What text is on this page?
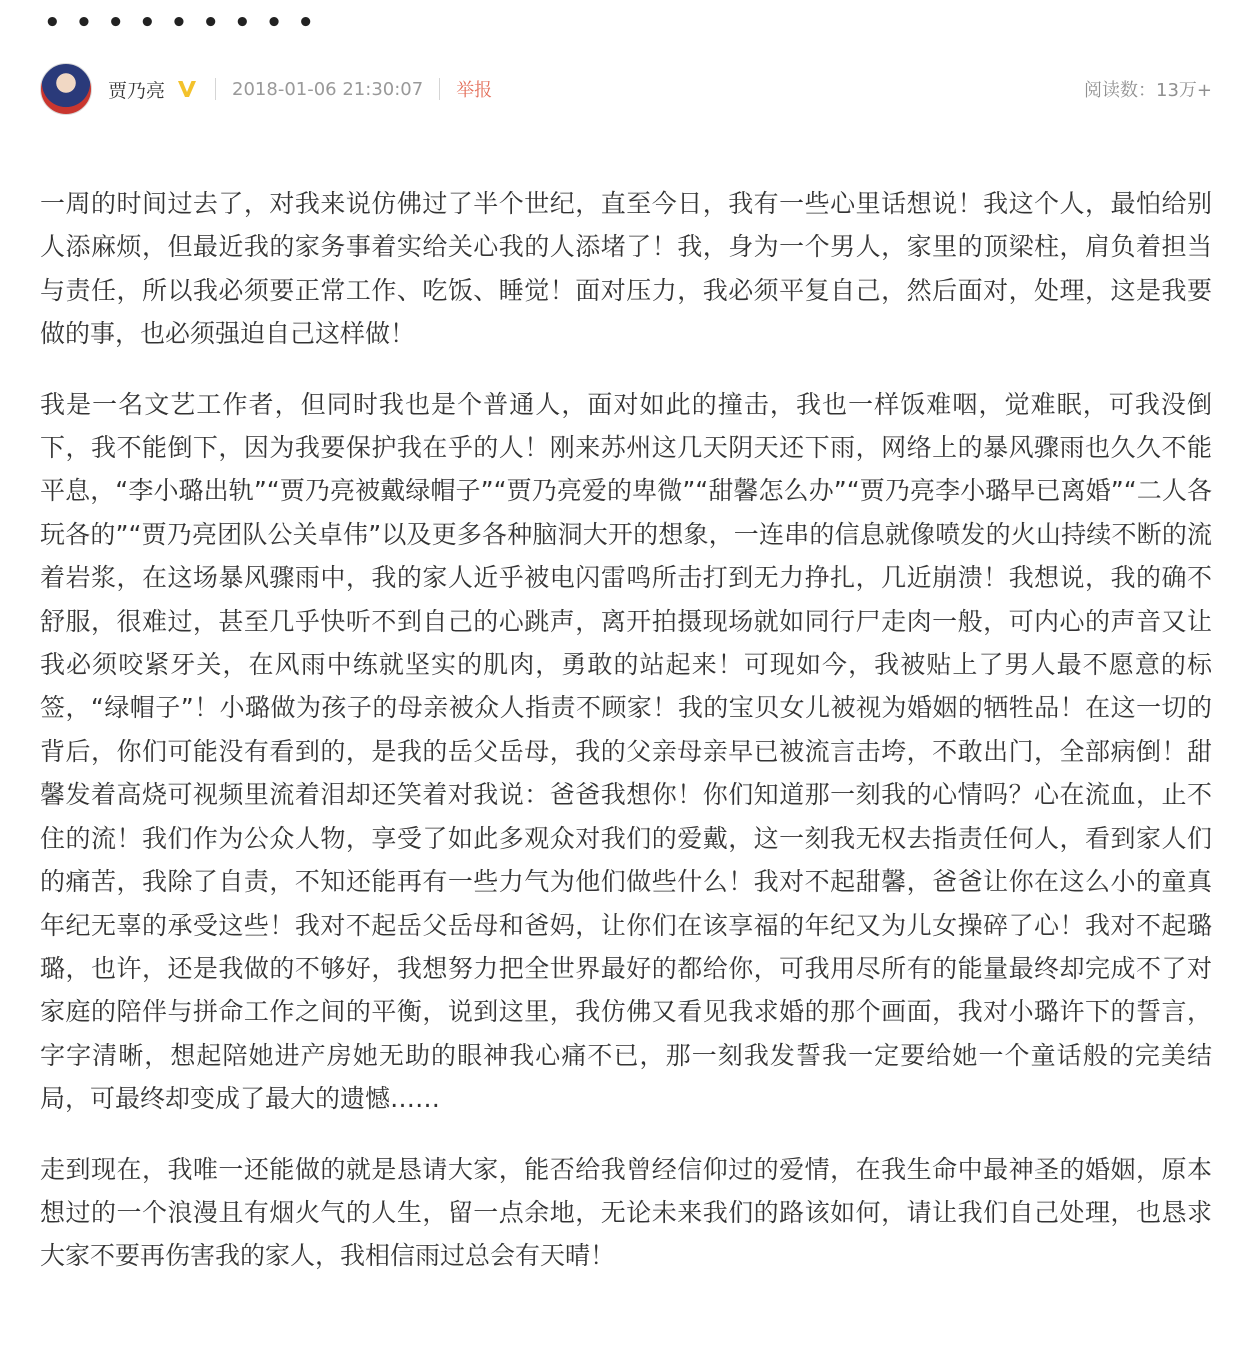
• • • • • • • • •
贾乃亮	2018-01-06 21:30:07 举报	阅读数：13万+

一周的时间过去了，对我来说仿佛过了半个世纪，直至今日，我有一些心里话想说！我这个人，最怕给别人添麻烦，但最近我的家务事着实给关心我的人添堵了！我，身为一个男人，家里的顶梁柱，肩负着担当与责任，所以我必须要正常工作、吃饭、睡觉！面对压力，我必须平复自己，然后面对，处理，这是我要做的事，也必须强迫自己这样做！

我是一名文艺工作者，但同时我也是个普通人，面对如此的撞击，我也一样饭难咽，觉难眠，可我没倒下，我不能倒下，因为我要保护我在乎的人！刚来苏州这几天阴天还下雨，网络上的暴风骤雨也久久不能平息，“李小璐出轨”“贾乃亮被戴绿帽子”“贾乃亮爱的卑微”“甜馨怎么办”“贾乃亮李小璐早已离婚”“二人各玩各的”“贾乃亮团队公关卓伟”以及更多各种脑洞大开的想象，一连串的信息就像喷发的火山持续不断的流着岩浆，在这场暴风骤雨中，我的家人近乎被电闪雷鸣所击打到无力挣扎，几近崩溃！我想说，我的确不舒服，很难过，甚至几乎快听不到自己的心跳声，离开拍摄现场就如同行尸走肉一般，可内心的声音又让我必须咬紧牙关，在风雨中练就坚实的肌肉，勇敢的站起来！可现如今，我被贴上了男人最不愿意的标签，“绿帽子”！小璐做为孩子的母亲被众人指责不顾家！我的宝贝女儿被视为婚姻的牺牲品！在这一切的背后，你们可能没有看到的，是我的岳父岳母，我的父亲母亲早已被流言击垮，不敢出门，全部病倒！甜馨发着高烧可视频里流着泪却还笑着对我说：爸爸我想你！你们知道那一刻我的心情吗？心在流血，止不住的流！我们作为公众人物，享受了如此多观众对我们的爱戴，这一刻我无权去指责任何人，看到家人们的痛苦，我除了自责，不知还能再有一些力气为他们做些什么！我对不起甜馨，爸爸让你在这么小的童真年纪无辜的承受这些！我对不起岳父岳母和爸妈，让你们在该享福的年纪又为儿女操碎了心！我对不起璐璐，也许，还是我做的不够好，我想努力把全世界最好的都给你，可我用尽所有的能量最终却完成不了对家庭的陪伴与拼命工作之间的平衡，说到这里，我仿佛又看见我求婚的那个画面，我对小璐许下的誓言，字字清晰，想起陪她进产房她无助的眼神我心痛不已，那一刻我发誓我一定要给她一个童话般的完美结局，可最终却变成了最大的遗憾……

走到现在，我唯一还能做的就是恳请大家，能否给我曾经信仰过的爱情，在我生命中最神圣的婚姻，原本想过的一个浪漫且有烟火气的人生，留一点余地，无论未来我们的路该如何，请让我们自己处理，也恳求大家不要再伤害我的家人，我相信雨过总会有天晴！
